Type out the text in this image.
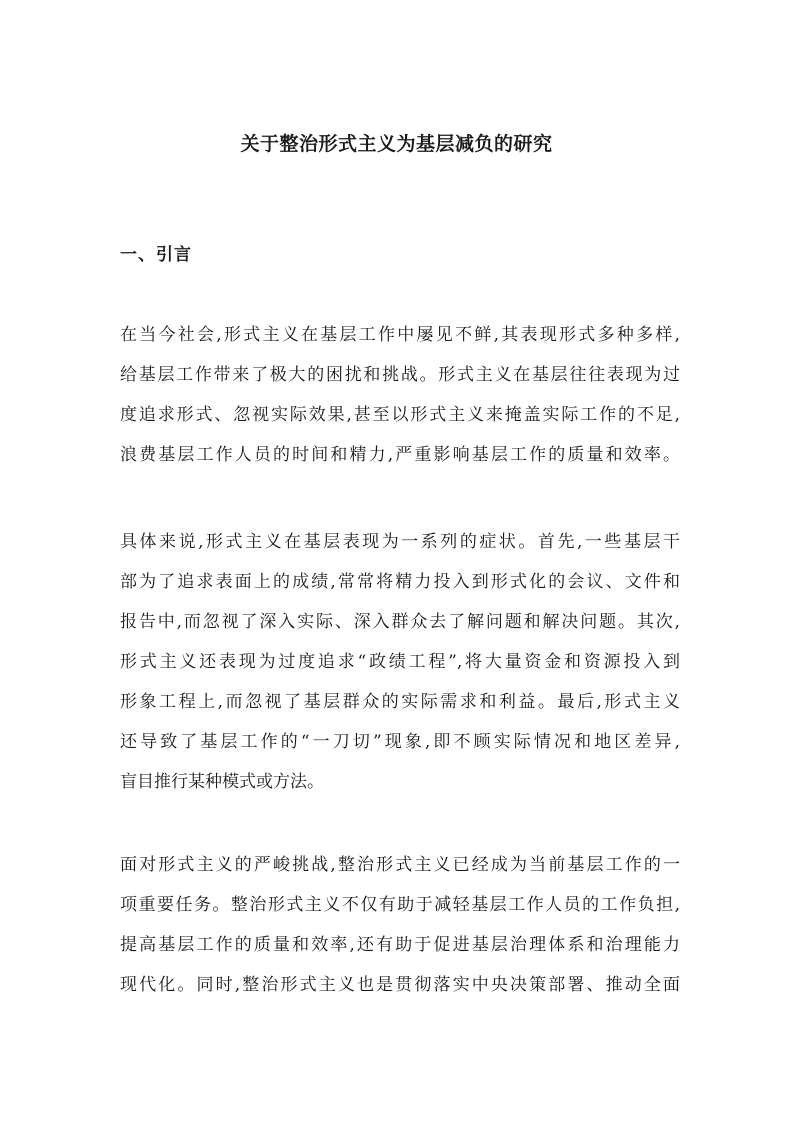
关于整治形式主义为基层减负的研究
一、引言

在当今社会,形式主义在基层工作中屡见不鲜,其表现形式多种多样,
给基层工作带来了极大的困扰和挑战。形式主义在基层往往表现为过
度追求形式、忽视实际效果,甚至以形式主义来掩盖实际工作的不足,
浪费基层工作人员的时间和精力,严重影响基层工作的质量和效率。

具体来说,形式主义在基层表现为一系列的症状。首先,一些基层干
部为了追求表面上的成绩,常常将精力投入到形式化的会议、文件和
报告中,而忽视了深入实际、深入群众去了解问题和解决问题。其次,
形式主义还表现为过度追求“政绩工程”,将大量资金和资源投入到
形象工程上,而忽视了基层群众的实际需求和利益。最后,形式主义
还导致了基层工作的“一刀切”现象,即不顾实际情况和地区差异,
盲目推行某种模式或方法。

面对形式主义的严峻挑战,整治形式主义已经成为当前基层工作的一
项重要任务。整治形式主义不仅有助于减轻基层工作人员的工作负担,
提高基层工作的质量和效率,还有助于促进基层治理体系和治理能力
现代化。同时,整治形式主义也是贯彻落实中央决策部署、推动全面
